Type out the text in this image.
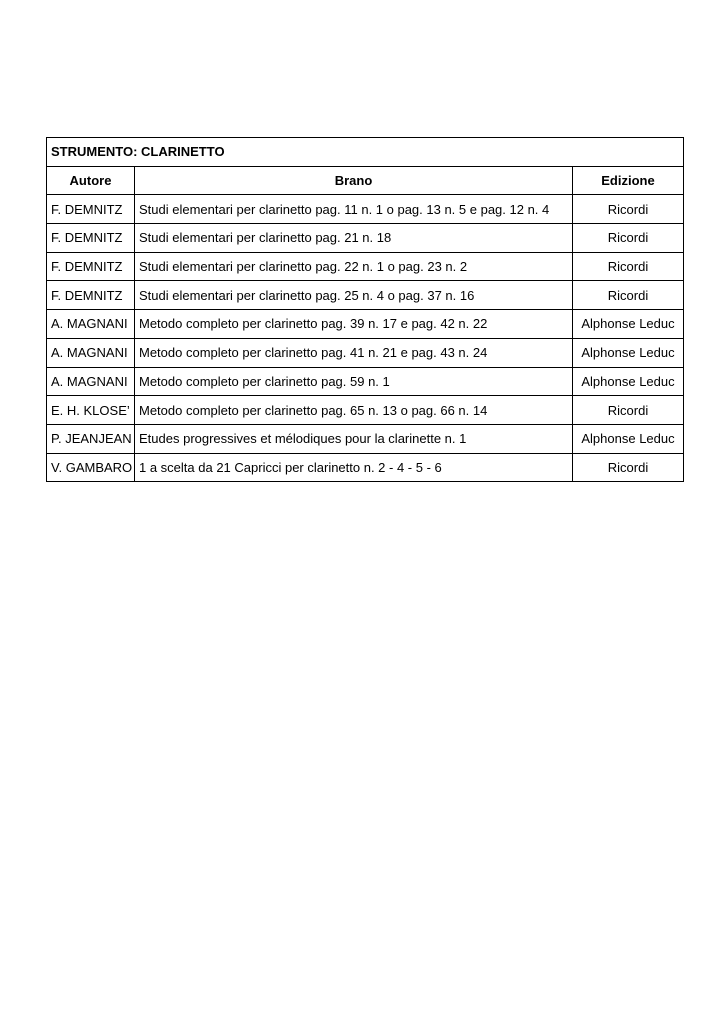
STRUMENTO: CLARINETTO		
Autore	Brano	Edizione
F. DEMNITZ	Studi elementari per clarinetto pag. 11 n. 1 o pag. 13 n. 5 e pag. 12 n. 4	Ricordi
F. DEMNITZ	Studi elementari per clarinetto pag. 21 n. 18	Ricordi
F. DEMNITZ	Studi elementari per clarinetto pag. 22 n. 1 o pag. 23 n. 2	Ricordi
F. DEMNITZ	Studi elementari per clarinetto pag. 25 n. 4 o pag. 37 n. 16	Ricordi
A. MAGNANI	Metodo completo per clarinetto pag. 39 n. 17 e pag. 42 n. 22	Alphonse Leduc
A. MAGNANI	Metodo completo per clarinetto pag. 41 n. 21 e pag. 43 n. 24	Alphonse Leduc
A. MAGNANI	Metodo completo per clarinetto pag. 59 n. 1	Alphonse Leduc
E. H. KLOSE’	Metodo completo per clarinetto pag. 65 n. 13 o pag. 66 n. 14	Ricordi
P. JEANJEAN	Etudes progressives et mélodiques pour la clarinette n. 1	Alphonse Leduc
V. GAMBARO	1 a scelta da 21 Capricci per clarinetto n. 2 - 4 - 5 - 6	Ricordi
